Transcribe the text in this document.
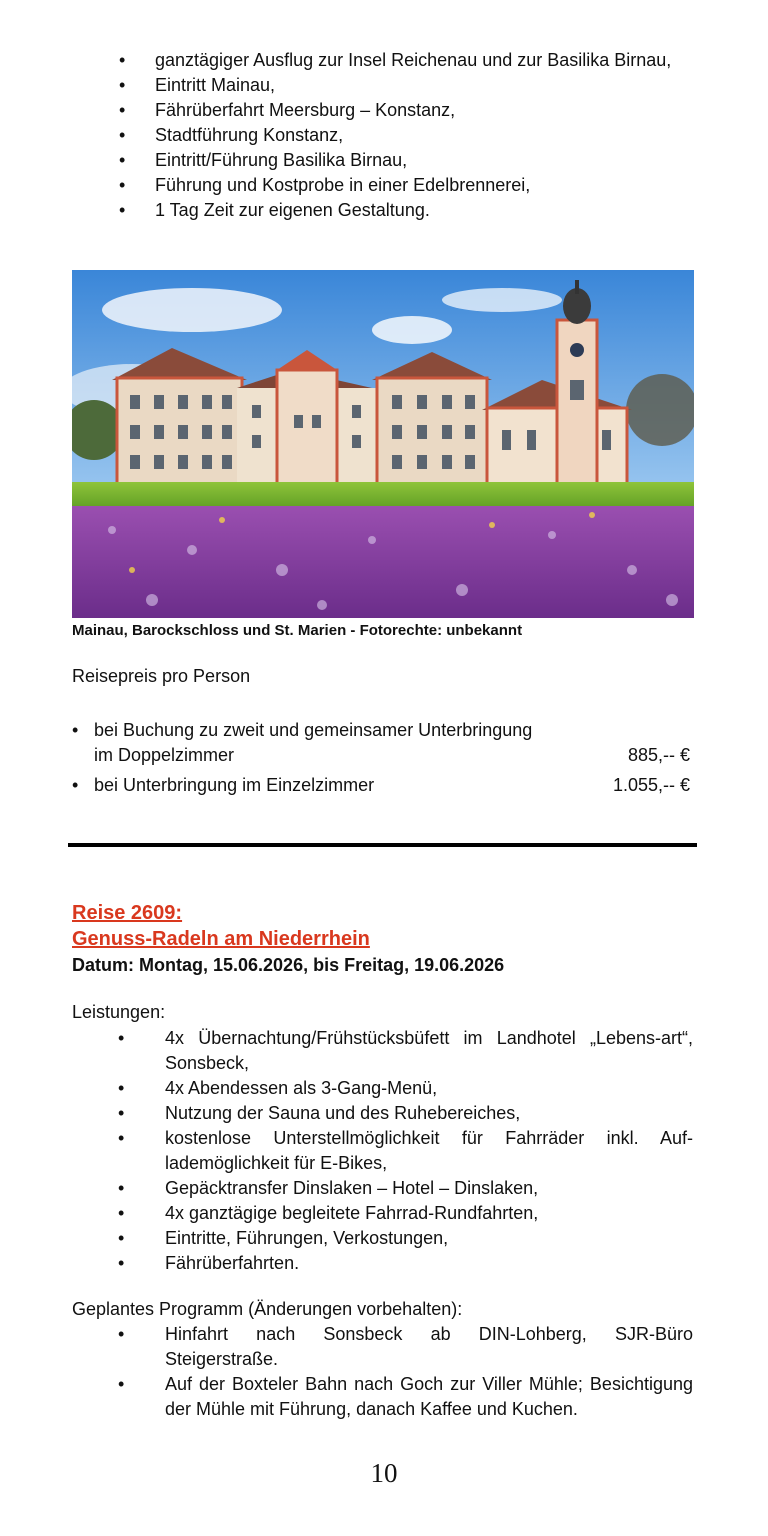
• ganztägiger Ausflug zur Insel Reichenau und zur Basilika Birnau,
• Eintritt Mainau,
• Fährüberfahrt Meersburg – Konstanz,
• Stadtführung Konstanz,
• Eintritt/Führung Basilika Birnau,
• Führung und Kostprobe in einer Edelbrennerei,
• 1 Tag Zeit zur eigenen Gestaltung.
Mainau, Barockschloss und St. Marien - Fotorechte: unbekannt
Reisepreis pro Person
• bei Buchung zu zweit und gemeinsamer Unterbringung
im Doppelzimmer	885,-- €
• bei Unterbringung im Einzelzimmer	1.055,-- €
Reise 2609:
Genuss-Radeln am Niederrhein
Datum: Montag, 15.06.2026, bis Freitag, 19.06.2026
Leistungen:
• 4x Übernachtung/Frühstücksbüfett im Landhotel „Lebens-art“, Sonsbeck,
• 4x Abendessen als 3-Gang-Menü,
• Nutzung der Sauna und des Ruhebereiches,
• kostenlose Unterstellmöglichkeit für Fahrräder inkl. Auf-lademöglichkeit für E-Bikes,
• Gepäcktransfer Dinslaken – Hotel – Dinslaken,
• 4x ganztägige begleitete Fahrrad-Rundfahrten,
• Eintritte, Führungen, Verkostungen,
• Fährüberfahrten.
Geplantes Programm (Änderungen vorbehalten):
• Hinfahrt nach Sonsbeck ab DIN-Lohberg, SJR-Büro Steigerstraße.
• Auf der Boxteler Bahn nach Goch zur Viller Mühle; Besichtigung der Mühle mit Führung, danach Kaffee und Kuchen.
10
